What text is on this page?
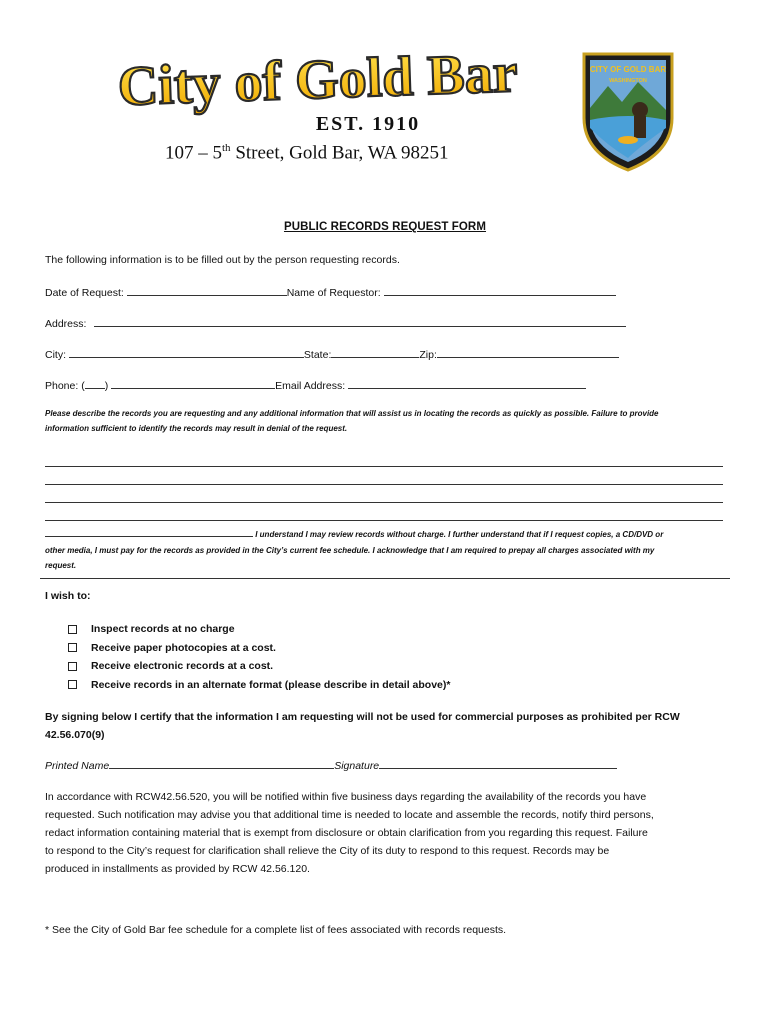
City of Gold Bar
EST. 1910
107 – 5th Street, Gold Bar, WA 98251
CITY OF GOLD BAR
WASHINGTON
PUBLIC RECORDS REQUEST FORM
The following information is to be filled out by the person requesting records.
Date of Request:	Name of Requestor:
Address:
City:	State:	Zip:
Phone: ( )	Email Address:
Please describe the records you are requesting and any additional information that will assist us in locating the records as quickly as possible. Failure to provide
information sufficient to identify the records may result in denial of the request.
I understand I may review records without charge. I further understand that if I request copies, a CD/DVD or
other media, I must pay for the records as provided in the City’s current fee schedule. I acknowledge that I am required to prepay all charges associated with my
request.
I wish to:
Inspect records at no charge
Receive paper photocopies at a cost.
Receive electronic records at a cost.
Receive records in an alternate format (please describe in detail above)*
By signing below I certify that the information I am requesting will not be used for commercial purposes as prohibited per RCW
42.56.070(9)
Printed Name	Signature
In accordance with RCW42.56.520, you will be notified within five business days regarding the availability of the records you have
requested. Such notification may advise you that additional time is needed to locate and assemble the records, notify third persons,
redact information containing material that is exempt from disclosure or obtain clarification from you regarding this request. Failure
to respond to the City’s request for clarification shall relieve the City of its duty to respond to this request. Records may be
produced in installments as provided by RCW 42.56.120.
* See the City of Gold Bar fee schedule for a complete list of fees associated with records requests.
